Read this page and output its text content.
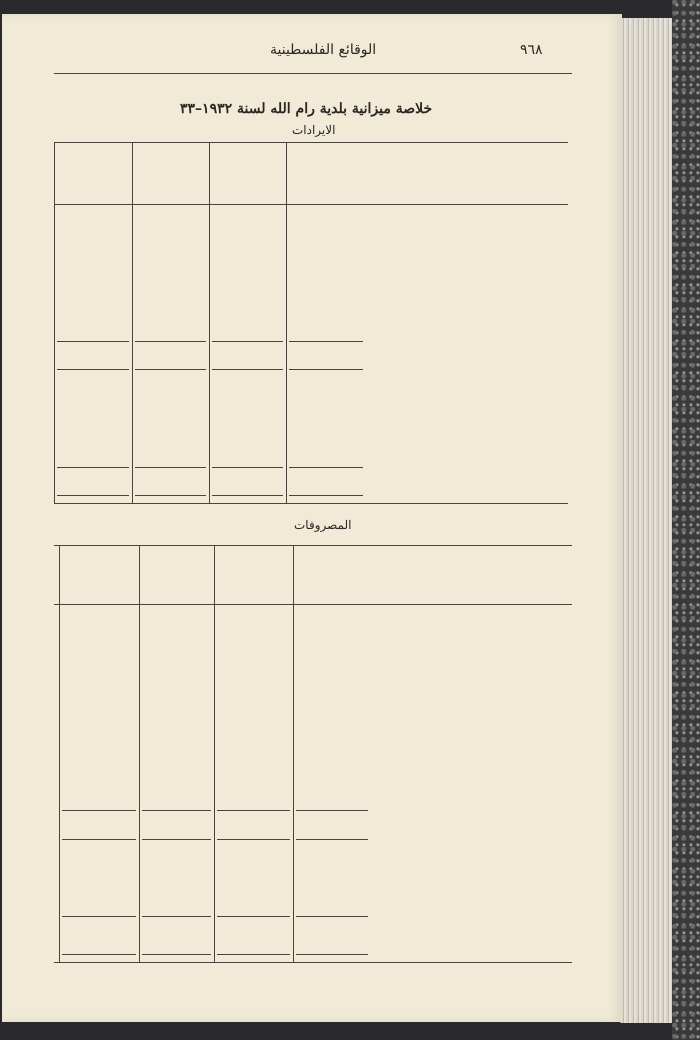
٩٦٨
الوقائع الفلسطينية
خلاصة ميزانية بلدية رام الله لسنة ١٩٣٢–٣٣
الايرادات
المصروفات
